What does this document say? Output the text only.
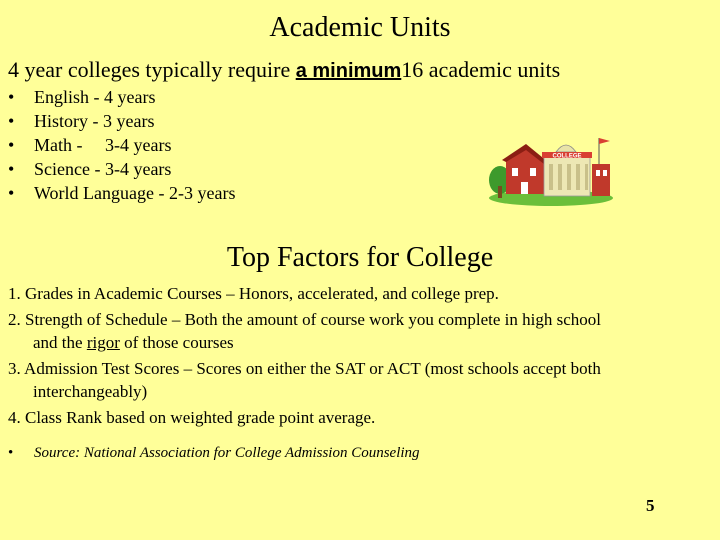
Academic Units
4 year colleges typically require a minimum16 academic units
•	English - 4 years
•	History - 3 years
•	Math -     3-4 years
•	Science - 3-4 years
•	World Language - 2-3 years
COLLEGE
Top Factors for College
1. Grades in Academic Courses – Honors, accelerated, and college prep.
2. Strength of Schedule – Both the amount of course work you complete in high school
and the rigor of those courses
3. Admission Test Scores – Scores on either the SAT or ACT (most schools accept both
interchangeably)
4. Class Rank based on weighted grade point average.
•	Source: National Association for College Admission Counseling
5
